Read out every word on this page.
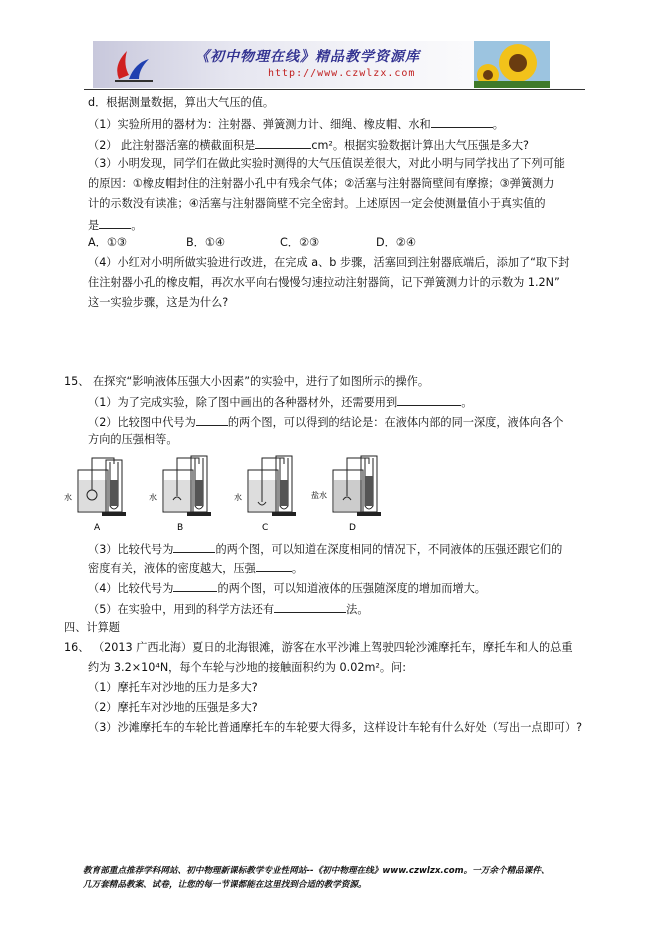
《初中物理在线》精品教学资源库
http://www.czwlzx.com
d．根据测量数据，算出大气压的值。
（1）实验所用的器材为：注射器、弹簧测力计、细绳、橡皮帽、水和	。
（2） 此注射器活塞的横截面积是	cm²。根据实验数据计算出大气压强是多大?
（3）小明发现，同学们在做此实验时测得的大气压值误差很大，对此小明与同学找出了下列可能
的原因：①橡皮帽封住的注射器小孔中有残余气体；②活塞与注射器筒壁间有摩擦；③弹簧测力
计的示数没有读准；④活塞与注射器筒壁不完全密封。上述原因一定会使测量值小于真实值的
是	。
A．①③	B．①④	C．②③	D．②④
（4）小红对小明所做实验进行改进，在完成 a、b 步骤，活塞回到注射器底端后，添加了“取下封
住注射器小孔的橡皮帽，再次水平向右慢慢匀速拉动注射器筒，记下弹簧测力计的示数为 1.2N”
这一实验步骤，这是为什么?
15、 在探究“影响液体压强大小因素”的实验中，进行了如图所示的操作。
（1）为了完成实验，除了图中画出的各种器材外，还需要用到	。
（2）比较图中代号为	的两个图，可以得到的结论是：在液体内部的同一深度，液体向各个
方向的压强相等。
水
A
水
B
水
C
盐水
D
（3）比较代号为	的两个图，可以知道在深度相同的情况下，不同液体的压强还跟它们的
密度有关，液体的密度越大，压强	。
（4）比较代号为	的两个图，可以知道液体的压强随深度的增加而增大。
（5）在实验中，用到的科学方法还有	法。
四、计算题
16、 （2013 广西北海）夏日的北海银滩，游客在水平沙滩上驾驶四轮沙滩摩托车，摩托车和人的总重
约为 3.2×10⁴N，每个车轮与沙地的接触面积约为 0.02m²。问:
（1）摩托车对沙地的压力是多大?
（2）摩托车对沙地的压强是多大?
（3）沙滩摩托车的车轮比普通摩托车的车轮要大得多，这样设计车轮有什么好处（写出一点即可）?
教育部重点推荐学科网站、初中物理新课标教学专业性网站--《初中物理在线》www.czwlzx.com。一万余个精品课件、
几万套精品教案、试卷，让您的每一节课都能在这里找到合适的教学资源。
